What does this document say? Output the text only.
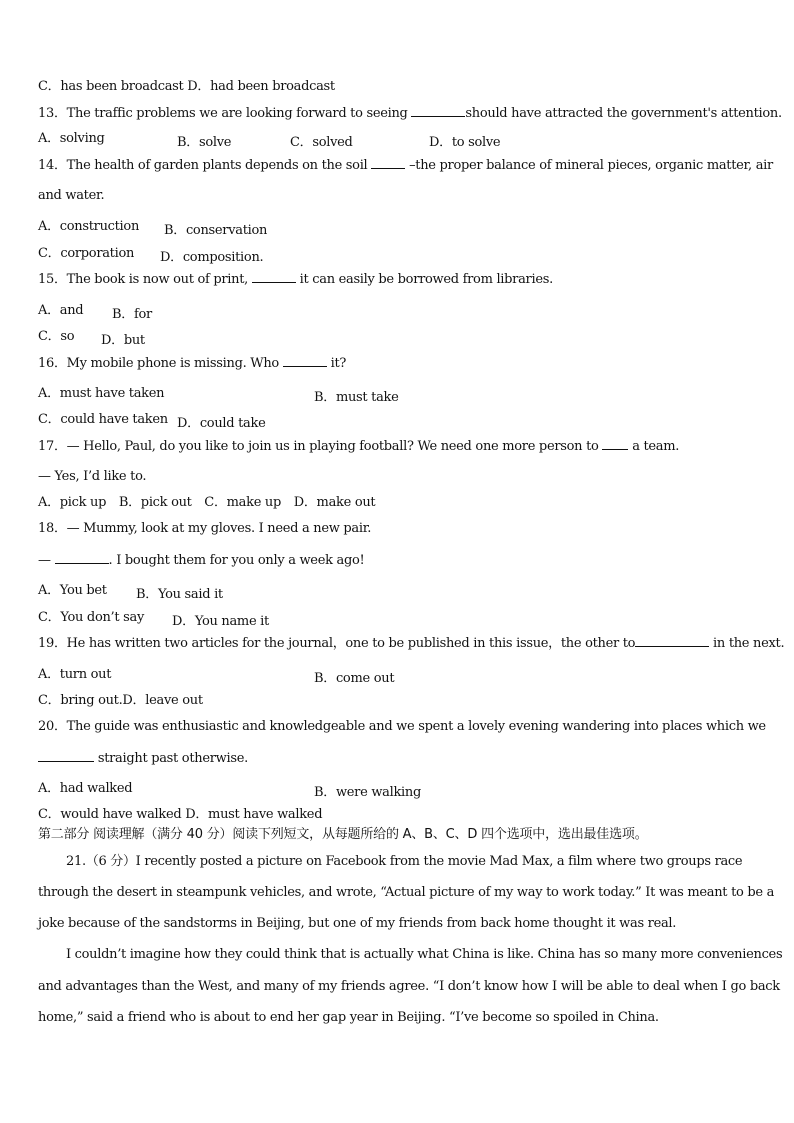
C．has been broadcast D．had been broadcast
13．The traffic problems we are looking forward to seeing	should have attracted the government's attention.
A．solving	B．solve	C．solved	D．to solve
14．The health of garden plants depends on the soil	–the proper balance of mineral pieces, organic matter, air
and water.
A．construction B．conservation
C．corporation D．composition.
15．The book is now out of print,	it can easily be borrowed from libraries.
A．and B．for
C．so D．but
16．My mobile phone is missing. Who	it?
A．must have taken	B．must take
C．could have taken D．could take
17．— Hello, Paul, do you like to join us in playing football? We need one more person to  a team.
— Yes, I’d like to.
A．pick up　B．pick out　C．make up　D．make out
18．— Mummy, look at my gloves. I need a new pair.
—	. I bought them for you only a week ago!
A．You bet B．You said it
C．You don’t say D．You name it
19．He has written two articles for the journal，one to be published in this issue，the other to	in the next.
A．turn out	B．come out
C．bring out.D．leave out
20．The guide was enthusiastic and knowledgeable and we spent a lovely evening wandering into places which we
straight past otherwise.
A．had walked	B．were walking
C．would have walked D．must have walked
第二部分 阅读理解（满分 40 分）阅读下列短文，从每题所给的 A、B、C、D 四个选项中，选出最佳选项。
21.（6 分）I recently posted a picture on Facebook from the movie Mad Max, a film where two groups race
through the desert in steampunk vehicles, and wrote, “Actual picture of my way to work today.” It was meant to be a
joke because of the sandstorms in Beijing, but one of my friends from back home thought it was real.
I couldn’t imagine how they could think that is actually what China is like. China has so many more conveniences
and advantages than the West, and many of my friends agree. “I don’t know how I will be able to deal when I go back
home,” said a friend who is about to end her gap year in Beijing. “I’ve become so spoiled in China.
